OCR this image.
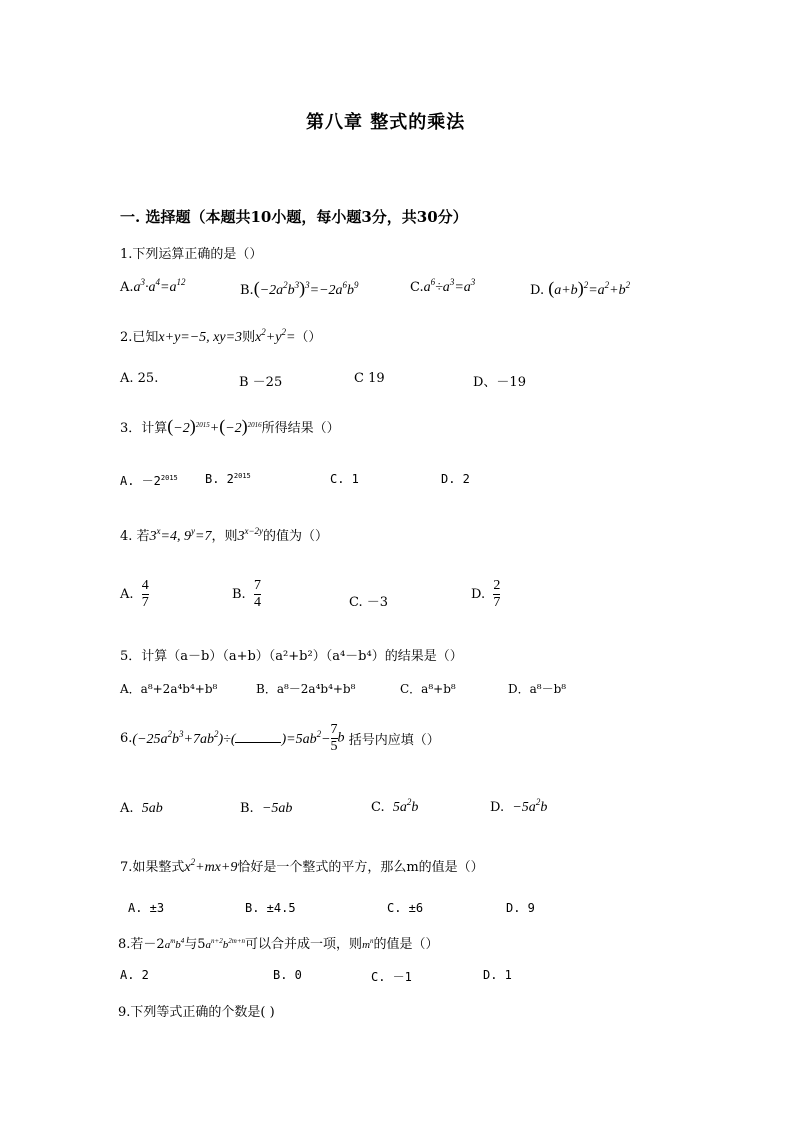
第八章 整式的乘法
一. 选择题（本题共10小题，每小题3分，共30分）
1.下列运算正确的是（）
$A.a^3\cdot a^4=a^{12}$
$B.(-2a^2b^3)^3=-2a^6b^9$	$C.a^6\div a^3=a^3$
D. $(a+b)^2=a^2+b^2$
2.已知x+y=−5, xy=3则$x^2+y^2=()$
A. 25.	B －25	C 19	D、－19
3．计算$(-2)^{2015}+(-2)^{2016}$所得结果（）
A. $-2^{2015}$ B. $2^{2015}$	C. 1	D. 2
4. 若$3^x=4$, $9^y=7$，则$3^{x-2y}$的值为（）
A. $\frac{4}{7}$	B. $\frac{7}{4}$	C. －3
D. $\frac{2}{7}$
5．计算（a－b）（a+b）（a²+b²）（a⁴－b⁴）的结果是（）
A．a⁸+2a⁴b⁴+b⁸	B．a⁸－2a⁴b⁴+b⁸	C．a⁸+b⁸	D．a⁸－b⁸
$6.(-25a^2b^3+7ab^2)\div$(	)$=5ab^2- \frac{7}{5}$ b 括号内应填（）
A. 5ab	B. −5ab	C. $5a^2b$	D. $-5a^2b$
7.如果整式$x^2+mx+9$恰好是一个整式的平方，那么m的值是（）
A. ±3	B. ±4.5	C. ±6	D. 9
8.若$-2a^mb^4$与$5a^{n+2}b^{2m+n}$可以合并成一项，则$m^n$的值是（）
A. 2	B. 0	C. －1	D. 1
9.下列等式正确的个数是( )
